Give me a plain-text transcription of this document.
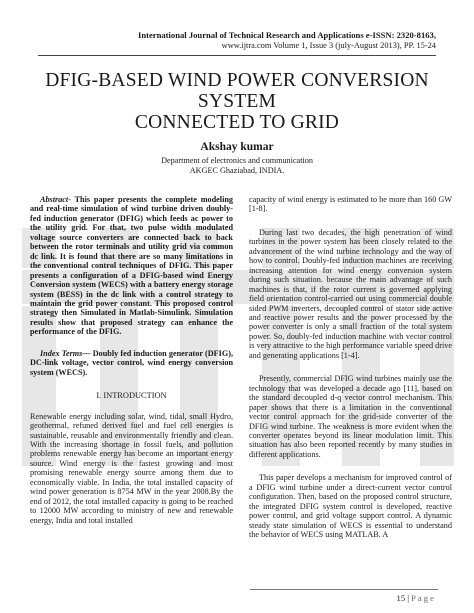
International Journal of Technical Research and Applications e-ISSN: 2320-8163,
www.ijtra.com Volume 1, Issue 3 (july-August 2013), PP. 15-24
DFIG-BASED WIND POWER CONVERSION
SYSTEM
CONNECTED TO GRID
Akshay kumar
Department of electronics and communication
AKGEC Ghaziabad, INDIA.

Abstract- This paper presents the complete modeling and real-time simulation of wind turbine driven doubly-fed induction generator (DFIG) which feeds ac power to the utility grid. For that, two pulse width modulated voltage source converters are connected back to back between the rotor terminals and utility grid via common dc link. It is found that there are so many limitations in the conventional control techniques of DFIG. This paper presents a configuration of a DFIG-based wind Energy Conversion system (WECS) with a battery energy storage system (BESS) in the dc link with a control strategy to maintain the grid power constant. This proposed control strategy then Simulated in Matlab-Simulink. Simulation results show that proposed strategy can enhance the performance of the DFIG.

Index Terms— Doubly fed induction generator (DFIG), DC-link voltage, vector control, wind energy conversion system (WECS).

I. INTRODUCTION

Renewable energy including solar, wind, tidal, small Hydro, geothermal, refuned derived fuel and fuel cell energies is sustainable, reusable and environmentally friendly and clean. With the increasing shortage in fossil fuels, and pollution problems renewable energy has become an important energy source. Wind energy is the fastest growing and most promising renewable energy source among them due to economically viable. In India, the total installed capacity of wind power generation is 8754 MW in the year 2008.By the end of 2012, the total installed capacity is going to be reached to 12000 MW according to ministry of new and renewable energy, India and total installed

capacity of wind energy is estimated to be more than 160 GW [1-8].

During last two decades, the high penetration of wind turbines in the power system has been closely related to the advancement of the wind turbine technology and the way of how to control. Doubly-fed induction machines are receiving increasing attention for wind energy conversion system during such situation. because the main advantage of such machines is that, if the rotor current is governed applying field orientation control-carried out using commercial double sided PWM inverters, decoupled control of stator side active and reactive power results and the power processed by the power converter is only a small fraction of the total system power. So, doubly-fed induction machine with vector control is very attractive to the high performance variable speed drive and generating applications [1-4].

Presently, commercial DFIG wind turbines mainly use the technology that was developed a decade ago [11], based on the standard decoupled d-q vector control mechanism. This paper shows that there is a limitation in the conventional vector control approach for the grid-side converter of the DFIG wind turbine. The weakness is more evident when the converter operates beyond its linear modulation limit. This situation has also been reported recently by many studies in different applications.

This paper develops a mechanism for improved control of a DFIG wind turbine under a direct-current vector control configuration. Then, based on the proposed control structure, the integrated DFIG system control is developed, reactive power control, and grid voltage support control. A dynamic steady state simulation of WECS is essential to understand the behavior of WECS using MATLAB. A

15 | P a g e
